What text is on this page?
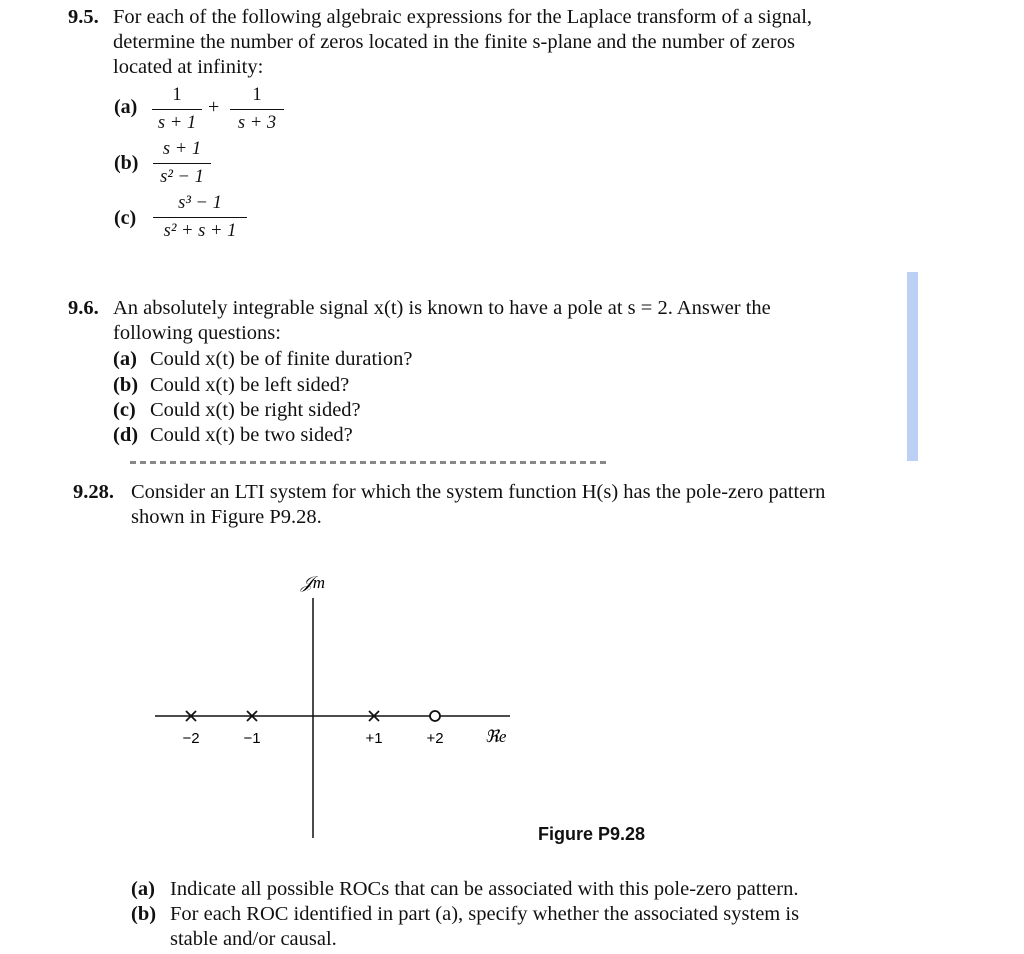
9.5. For each of the following algebraic expressions for the Laplace transform of a signal,
determine the number of zeros located in the finite s-plane and the number of zeros
located at infinity:
(a)
1
s + 1
+
1
s + 3
(b)
s + 1
s² − 1
(c)
s³ − 1
s² + s + 1
9.6. An absolutely integrable signal x(t) is known to have a pole at s = 2. Answer the
following questions:
(a) Could x(t) be of finite duration?
(b) Could x(t) be left sided?
(c) Could x(t) be right sided?
(d) Could x(t) be two sided?
9.28. Consider an LTI system for which the system function H(s) has the pole-zero pattern
shown in Figure P9.28.
𝒥m
ℜe
−2	−1	+1	+2
Figure P9.28
(a) Indicate all possible ROCs that can be associated with this pole-zero pattern.
(b) For each ROC identified in part (a), specify whether the associated system is
stable and/or causal.
